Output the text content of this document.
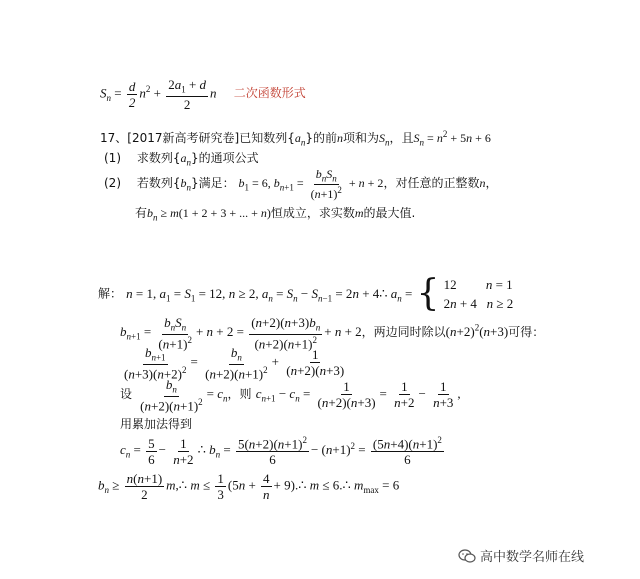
$S_n = \frac{d}{2} n^2 + \frac{2a_1 + d}{2}$ n 二次函数形式
17、[2017新高考研究卷]已知数列$\{a_n\}$的前n项和为$S_n$，且$S_n = n^2 + 5n + 6$
(1) 求数列$\{a_n\}$的通项公式
(2) 若数列$\{b_n\}$满足： $b_1 = 6$, $b_{n+1} = \frac{b_nS_n}{(n+1)^2} + n + 2$，对任意的正整数n，
有$b_n \ge m(1 + 2 + 3$ + ... + n)恒成立，求实数m的最大值.
解： n = 1, $a_1 = S_1 = 12$, n ≥ 2, $a_n = S_n - S_{n-1} = 2n$ + 4∴ $a_n$ = { 12         n = 1
2n + 4   n ≥ 2
$b_{n+1} = \frac{b_nS_n}{(n+1)^2} + n + 2 = \frac{(n+2)(n+3)b_n}{(n+2)(n+1)^2} + n + 2$，两边同时除以$(n+2)^2(n+3)$可得：
$\frac{b_{n+1}}{(n+3)(n+2)^2} = \frac{b_n}{(n+2)(n+1)^2} + \frac{1}{(n+2)(n+3)}$
设 $\frac{b_n}{(n+2)(n+1)^2} = c_n$，则 $c_{n+1} - c_n = \frac{1}{(n+2)(n+3)} = \frac{1}{n+2} - \frac{1}{n+3}$ ,
用累加法得到
$c_n = \frac{5}{6} - \frac{1}{n+2}$ ∴ $b_n = \frac{5(n+2)(n+1)^2}{6} - (n+1)^2 = \frac{(5n+4)(n+1)^2}{6}$
$b_n \ge \frac{n(n+1)}{2}$ m,∴ $m \le \frac{1}{3} (5n + \frac{4}{n}$ + 9).∴ m ≤ 6.∴ $m_{max} = 6$
高中数学名师在线
